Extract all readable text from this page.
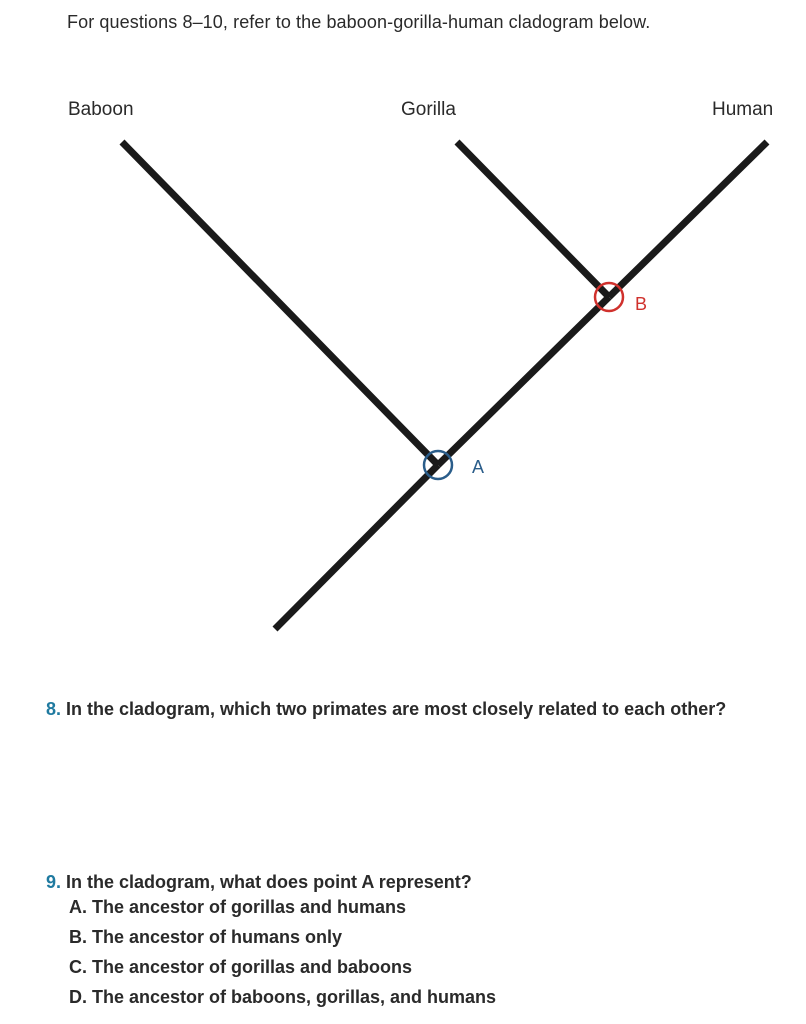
For questions 8–10, refer to the baboon-gorilla-human cladogram below.
Baboon	Gorilla	Human
A
B
8. In the cladogram, which two primates are most closely related to each other?
9. In the cladogram, what does point A represent?
A. The ancestor of gorillas and humans
B. The ancestor of humans only
C. The ancestor of gorillas and baboons
D. The ancestor of baboons, gorillas, and humans
